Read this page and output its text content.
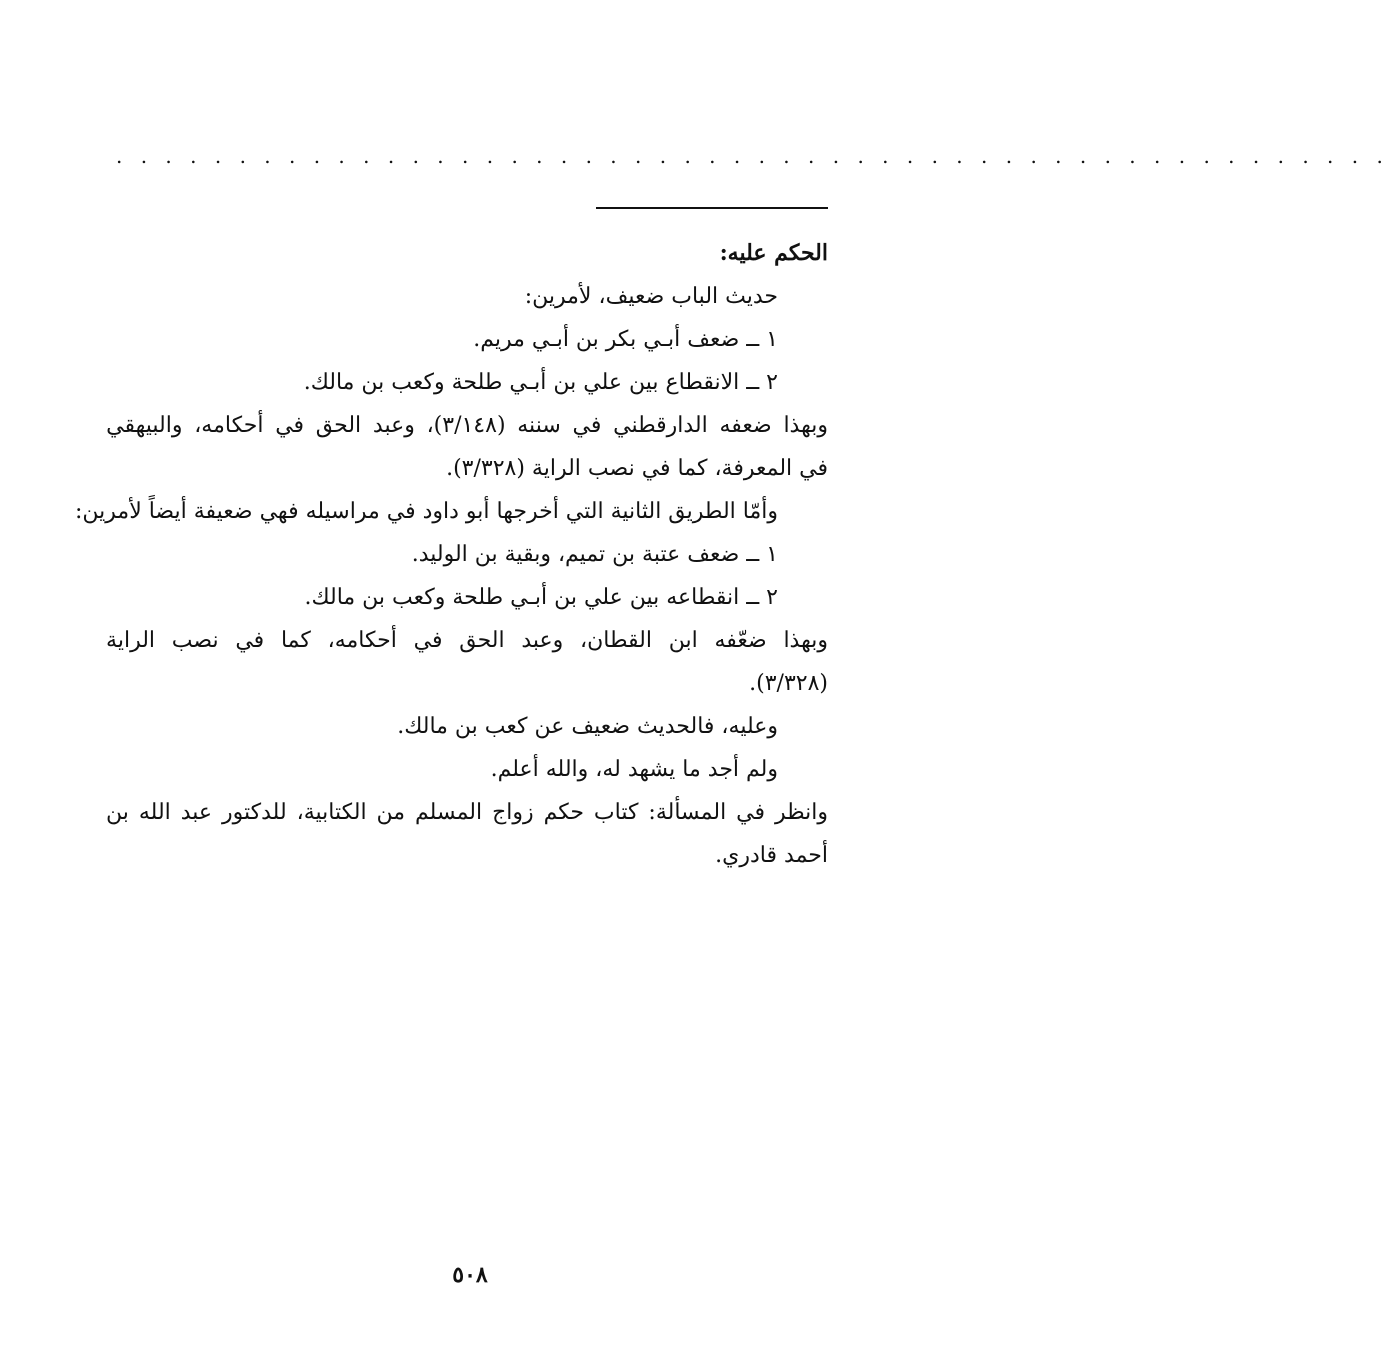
. . . . . . . . . . . . . . . . . . . . . . . . . . . . . . . . . . . . . . . . . . . . . . . . . . . .
الحكم عليه:
حديث الباب ضعيف، لأمرين:
١ ــ ضعف أبـي بكر بن أبـي مريم.
٢ ــ الانقطاع بين علي بن أبـي طلحة وكعب بن مالك.
وبهذا
ضعفه
الدارقطني
في
سننه
(٣/١٤٨)،
وعبد
الحق
في
أحكامه،
والبيهقي
في المعرفة، كما في نصب الراية (٣/٣٢٨).
وأمّا الطريق الثانية التي أخرجها أبو داود في مراسيله فهي ضعيفة أيضاً لأمرين:
١ ــ ضعف عتبة بن تميم، وبقية بن الوليد.
٢ ــ انقطاعه بين علي بن أبـي طلحة وكعب بن مالك.
وبهذا
ضعّفه
ابن
القطان،
وعبد
الحق
في
أحكامه،
كما
في
نصب
الراية
(٣/٣٢٨).
وعليه، فالحديث ضعيف عن كعب بن مالك.
ولم أجد ما يشهد له، والله أعلم.
وانظر
في
المسألة:
كتاب
حكم
زواج
المسلم
من
الكتابية،
للدكتور
عبد
الله
بن
أحمد قادري.
٥٠٨
